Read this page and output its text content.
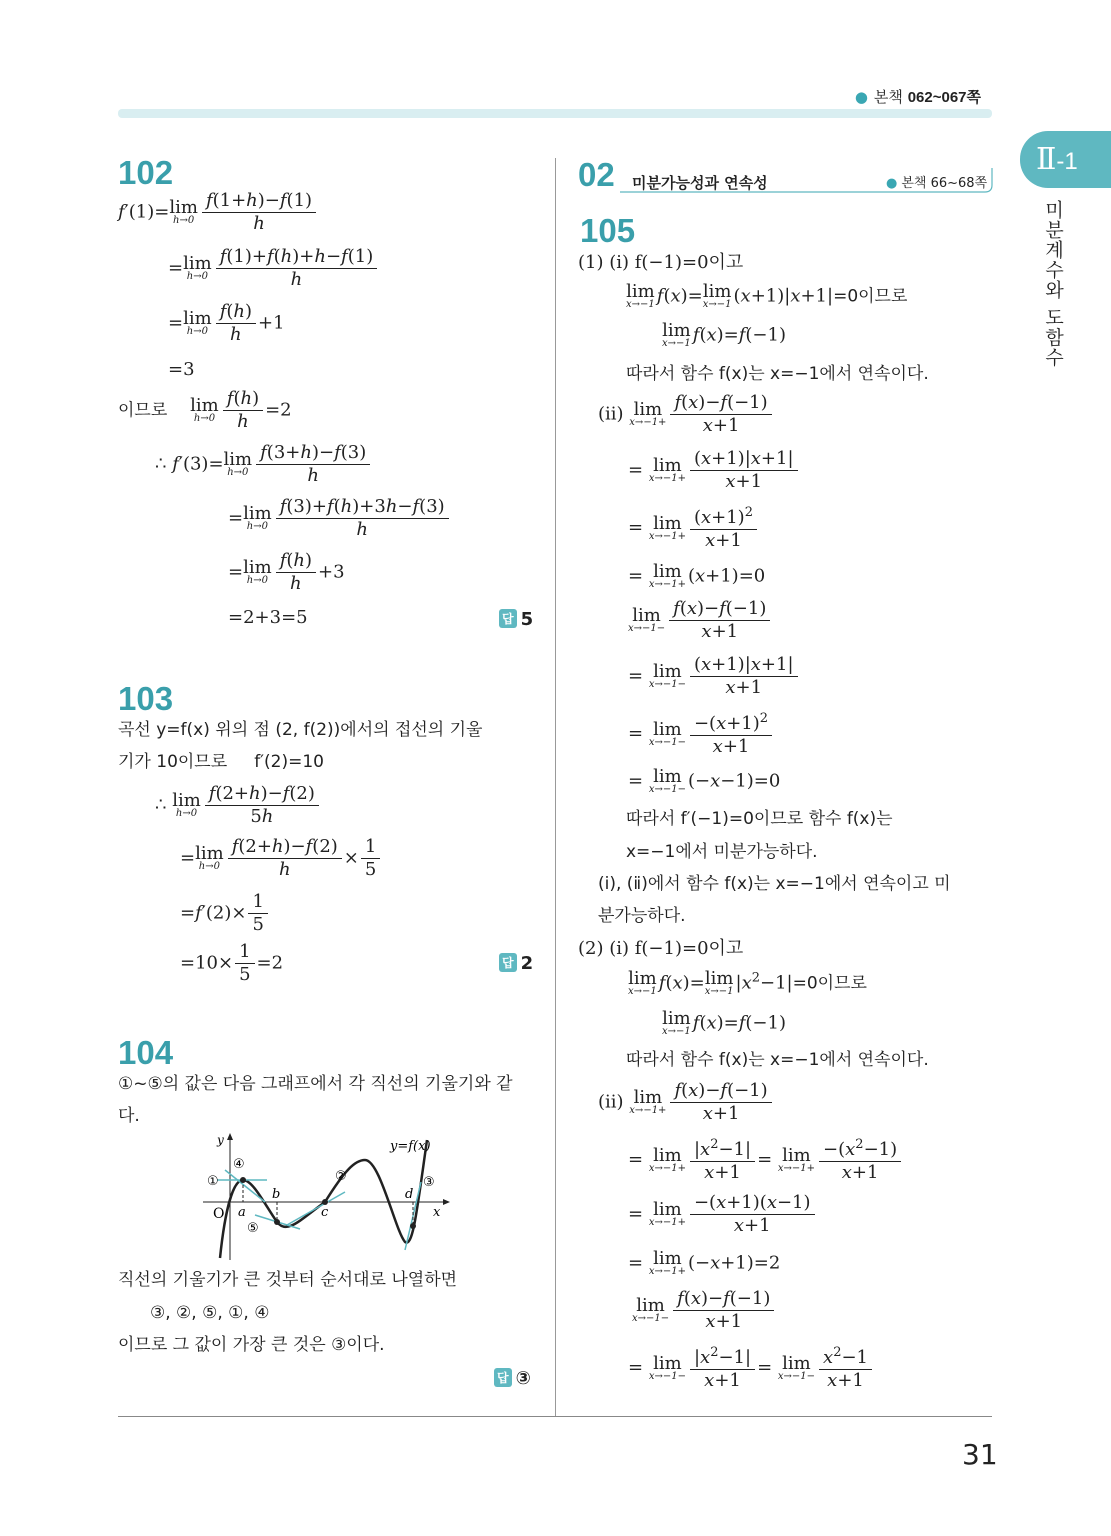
● 본책 062~067쪽
Ⅱ-1
미분계수와 도함수
31
102
f′(1)= lim
$h\to 0 \frac{f(1+h)-f(1)}{h}$
= lim
$h\to 0 \frac{f(1)+f(h)+h-f(1)}{h}$
= lim
$h\to 0 \frac{f(h)}{h} +1$
=3
이므로 lim
$h\to 0 \frac{f(h)}{h} =2$
∴ f′(3)= lim
$h\to 0 \frac{f(3+h)-f(3)}{h}$
= lim
$h\to 0 \frac{f(3)+f(h)+3h-f(3)}{h}$
= lim
$h\to 0 \frac{f(h)}{h} +3$
=2+3=5	답 5
103
곡선 y=f(x) 위의 점 (2, f(2))에서의 접선의 기울
기가 10이므로 f′(2)=10
∴ lim
$h\to 0 \frac{f(2+h)-f(2)}{5h}$
= lim
$h\to 0 \frac{f(2+h)-f(2)}{h} \times \frac{1}{5}$
$=f'(2)\times \frac{1}{5}$
$=10\times \frac{1}{5} =2$	답 2
104
①~⑤의 값은 다음 그래프에서 각 직선의 기울기와 같
다.
y
x
O
y=f(x)
a
b
c
d
①	②	③
④
⑤
직선의 기울기가 큰 것부터 순서대로 나열하면
③, ②, ⑤, ①, ④
이므로 그 값이 가장 큰 것은 ③이다.
답 ③
02 미분가능성과 연속성	● 본책 66~68쪽
105
(1) (ⅰ) f(−1)=0이고
lim
x→−1 f(x)= lim
x→−1 (x+1)|x+1|=0이므로
lim
x→−1 f(x)=f(−1)
따라서 함수 f(x)는 x=−1에서 연속이다.
(ⅱ) lim
$x\to-1+ \frac{f(x)-f(-1)}{x+1}$
= lim
$x\to-1+ \frac{(x+1)|x+1|}{x+1}$
= lim
$x\to-1+ \frac{(x+1)^2}{x+1}$
= lim
x→−1+ (x+1)=0
lim
$x\to-1- \frac{f(x)-f(-1)}{x+1}$
= lim
$x\to-1- \frac{(x+1)|x+1|}{x+1}$
= lim
$x\to-1- \frac{-(x+1)^2}{x+1}$
= lim
x→−1− (−x−1)=0
따라서 f′(−1)=0이므로 함수 f(x)는
x=−1에서 미분가능하다.
(ⅰ), (ⅱ)에서 함수 f(x)는 x=−1에서 연속이고 미
분가능하다.
(2) (ⅰ) f(−1)=0이고
lim
x→−1 f(x)= lim
x→−1 $|x^2-1|=0$이므로
lim
x→−1 f(x)=f(−1)
따라서 함수 f(x)는 x=−1에서 연속이다.
(ⅱ) lim
$x\to-1+ \frac{f(x)-f(-1)}{x+1}$
= lim
$x\to-1+ \frac{|x^2-1|}{x+1} = \lim$
$x\to-1+ \frac{-(x^2-1)}{x+1}$
= lim
$x\to-1+ \frac{-(x+1)(x-1)}{x+1}$
= lim
x→−1+ (−x+1)=2
lim
$x\to-1- \frac{f(x)-f(-1)}{x+1}$
= lim
$x\to-1- \frac{|x^2-1|}{x+1} = \lim$
$x\to-1- \frac{x^2-1}{x+1}$
